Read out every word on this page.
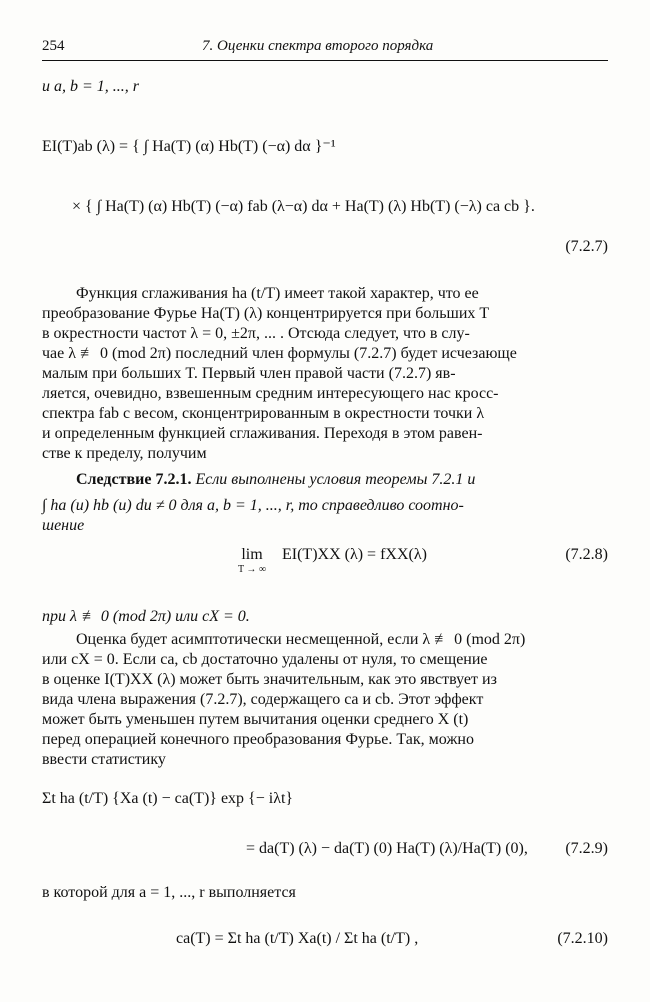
254	7. Оценки спектра второго порядка
и a, b = 1, ..., r
EI(T)ab (λ) = { ∫ Ha(T) (α) Hb(T) (−α) dα }⁻¹
× { ∫ Ha(T) (α) Hb(T) (−α) fab (λ−α) dα + Ha(T) (λ) Hb(T) (−λ) ca cb }.
(7.2.7)
Функция сглаживания ha (t/T) имеет такой характер, что ее
преобразование Фурье Ha(T) (λ) концентрируется при больших T
в окрестности частот λ = 0, ±2π, ... . Отсюда следует, что в слу-
чае λ ≢ 0 (mod 2π) последний член формулы (7.2.7) будет исчезающе
малым при больших T. Первый член правой части (7.2.7) яв-
ляется, очевидно, взвешенным средним интересующего нас кросс-
спектра fab с весом, сконцентрированным в окрестности точки λ
и определенным функцией сглаживания. Переходя в этом равен-
стве к пределу, получим
Следствие 7.2.1. Если выполнены условия теоремы 7.2.1 и
∫ ha (u) hb (u) du ≠ 0 для a, b = 1, ..., r, то справедливо соотно-
шение
lim
T → ∞
EI(T)XX (λ) = fXX(λ)	(7.2.8)
при λ ≢ 0 (mod 2π) или cX = 0.
Оценка будет асимптотически несмещенной, если λ ≢ 0 (mod 2π)
или cX = 0. Если ca, cb достаточно удалены от нуля, то смещение
в оценке I(T)XX (λ) может быть значительным, как это явствует из
вида члена выражения (7.2.7), содержащего ca и cb. Этот эффект
может быть уменьшен путем вычитания оценки среднего X (t)
перед операцией конечного преобразования Фурье. Так, можно
ввести статистику
Σt ha (t/T) {Xa (t) − ca(T)} exp {− iλt}
= da(T) (λ) − da(T) (0) Ha(T) (λ)/Ha(T) (0), (7.2.9)
в которой для a = 1, ..., r выполняется
ca(T) = Σt ha (t/T) Xa(t) / Σt ha (t/T) ,	(7.2.10)
